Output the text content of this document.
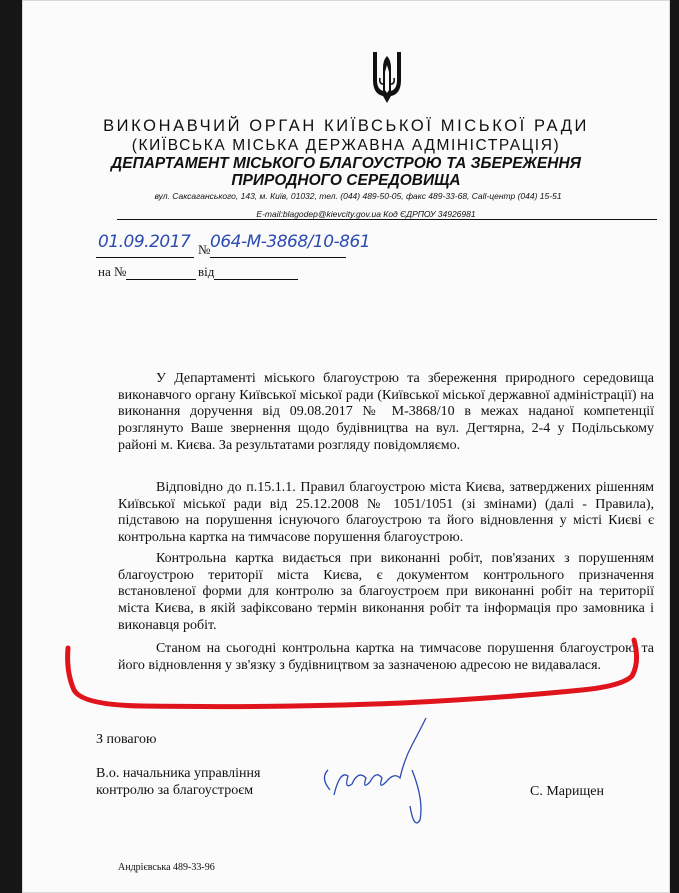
ВИКОНАВЧИЙ ОРГАН КИЇВСЬКОЇ МІСЬКОЇ РАДИ
(КИЇВСЬКА МІСЬКА ДЕРЖАВНА АДМІНІСТРАЦІЯ)
ДЕПАРТАМЕНТ МІСЬКОГО БЛАГОУСТРОЮ ТА ЗБЕРЕЖЕННЯ
ПРИРОДНОГО СЕРЕДОВИЩА
вул. Саксаганського, 143, м. Київ, 01032, тел. (044) 489-50-05, факс 489-33-68, Call-центр (044) 15-51
E-mail:blagodep@kievcity.gov.ua Код ЄДРПОУ 34926981
01.09.2017 № 064-М-3868/10-861
на №	від

У Департаменті міського благоустрою та збереження природного середовища виконавчого органу Київської міської ради (Київської міської державної адміністрації) на виконання доручення від 09.08.2017 № М-3868/10 в межах наданої компетенції розглянуто Ваше звернення щодо будівництва на вул. Дегтярна, 2-4 у Подільському районі м. Києва. За результатами розгляду повідомляємо.

Відповідно до п.15.1.1. Правил благоустрою міста Києва, затверджених рішенням Київської міської ради від 25.12.2008 № 1051/1051 (зі змінами) (далі - Правила), підставою на порушення існуючого благоустрою та його відновлення у місті Києві є контрольна картка на тимчасове порушення благоустрою.

Контрольна картка видається при виконанні робіт, пов'язаних з порушенням благоустрою території міста Києва, є документом контрольного призначення встановленої форми для контролю за благоустроєм при виконанні робіт на території міста Києва, в якій зафіксовано термін виконання робіт та інформація про замовника і виконавця робіт.

Станом на сьогодні контрольна картка на тимчасове порушення благоустрою та його відновлення у зв'язку з будівництвом за зазначеною адресою не видавалася.

З повагою
В.о. начальника управління
контролю за благоустроєм	С. Марищен
Андрієвська 489-33-96
